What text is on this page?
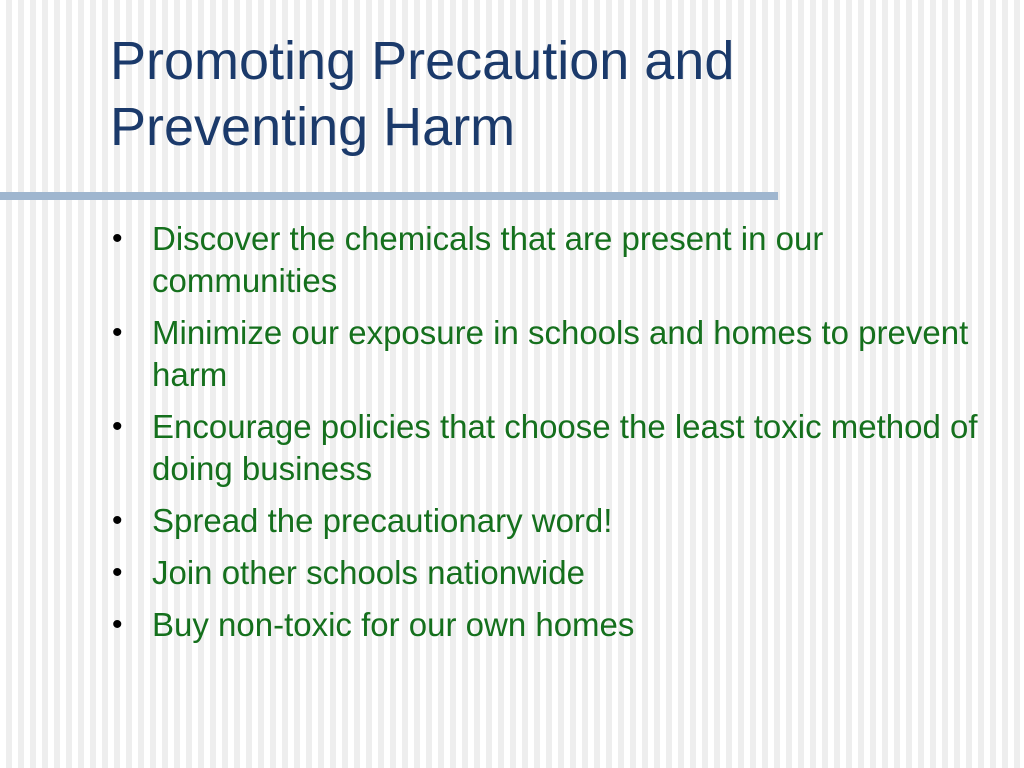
Promoting Precaution and
Preventing Harm
• Discover the chemicals that are present in our communities
• Minimize our exposure in schools and homes to prevent harm
• Encourage policies that choose the least toxic method of doing business
• Spread the precautionary word!
• Join other schools nationwide
• Buy non-toxic for our own homes
